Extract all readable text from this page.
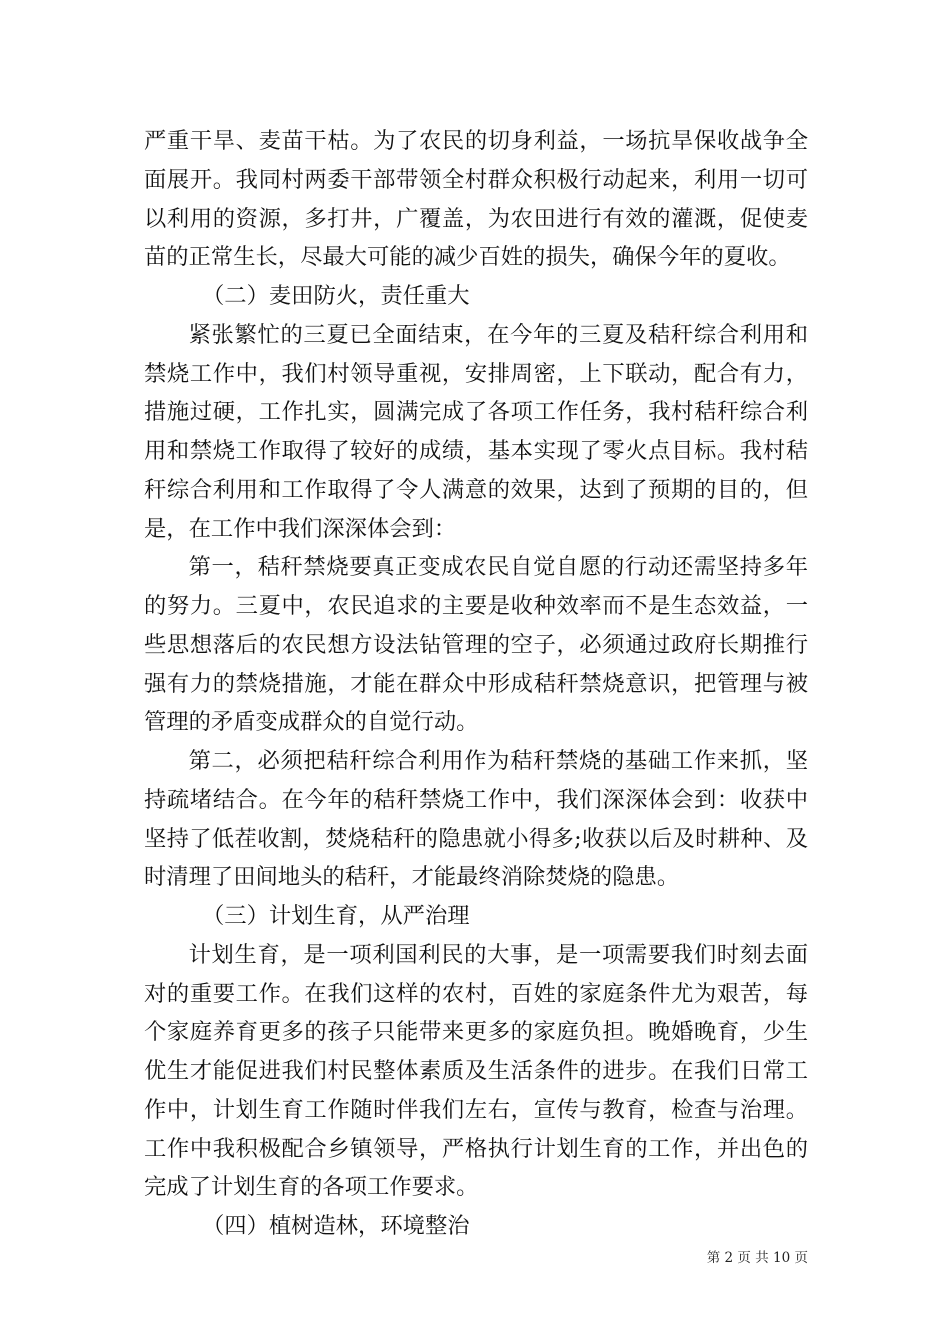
严重干旱、麦苗干枯。为了农民的切身利益，一场抗旱保收战争全面展开。我同村两委干部带领全村群众积极行动起来，利用一切可以利用的资源，多打井，广覆盖，为农田进行有效的灌溉，促使麦苗的正常生长，尽最大可能的减少百姓的损失，确保今年的夏收。

（二）麦田防火，责任重大

紧张繁忙的三夏已全面结束，在今年的三夏及秸秆综合利用和禁烧工作中，我们村领导重视，安排周密，上下联动，配合有力，措施过硬，工作扎实，圆满完成了各项工作任务，我村秸秆综合利用和禁烧工作取得了较好的成绩，基本实现了零火点目标。我村秸秆综合利用和工作取得了令人满意的效果，达到了预期的目的，但是，在工作中我们深深体会到：

第一，秸秆禁烧要真正变成农民自觉自愿的行动还需坚持多年的努力。三夏中，农民追求的主要是收种效率而不是生态效益，一些思想落后的农民想方设法钻管理的空子，必须通过政府长期推行强有力的禁烧措施，才能在群众中形成秸秆禁烧意识，把管理与被管理的矛盾变成群众的自觉行动。

第二，必须把秸秆综合利用作为秸秆禁烧的基础工作来抓，坚持疏堵结合。在今年的秸秆禁烧工作中，我们深深体会到：收获中坚持了低茬收割，焚烧秸秆的隐患就小得多;收获以后及时耕种、及时清理了田间地头的秸秆，才能最终消除焚烧的隐患。

（三）计划生育，从严治理

计划生育，是一项利国利民的大事，是一项需要我们时刻去面对的重要工作。在我们这样的农村，百姓的家庭条件尤为艰苦，每个家庭养育更多的孩子只能带来更多的家庭负担。晚婚晚育，少生优生才能促进我们村民整体素质及生活条件的进步。在我们日常工作中，计划生育工作随时伴我们左右，宣传与教育，检查与治理。工作中我积极配合乡镇领导，严格执行计划生育的工作，并出色的完成了计划生育的各项工作要求。

（四）植树造林，环境整治

第 2 页 共 10 页
